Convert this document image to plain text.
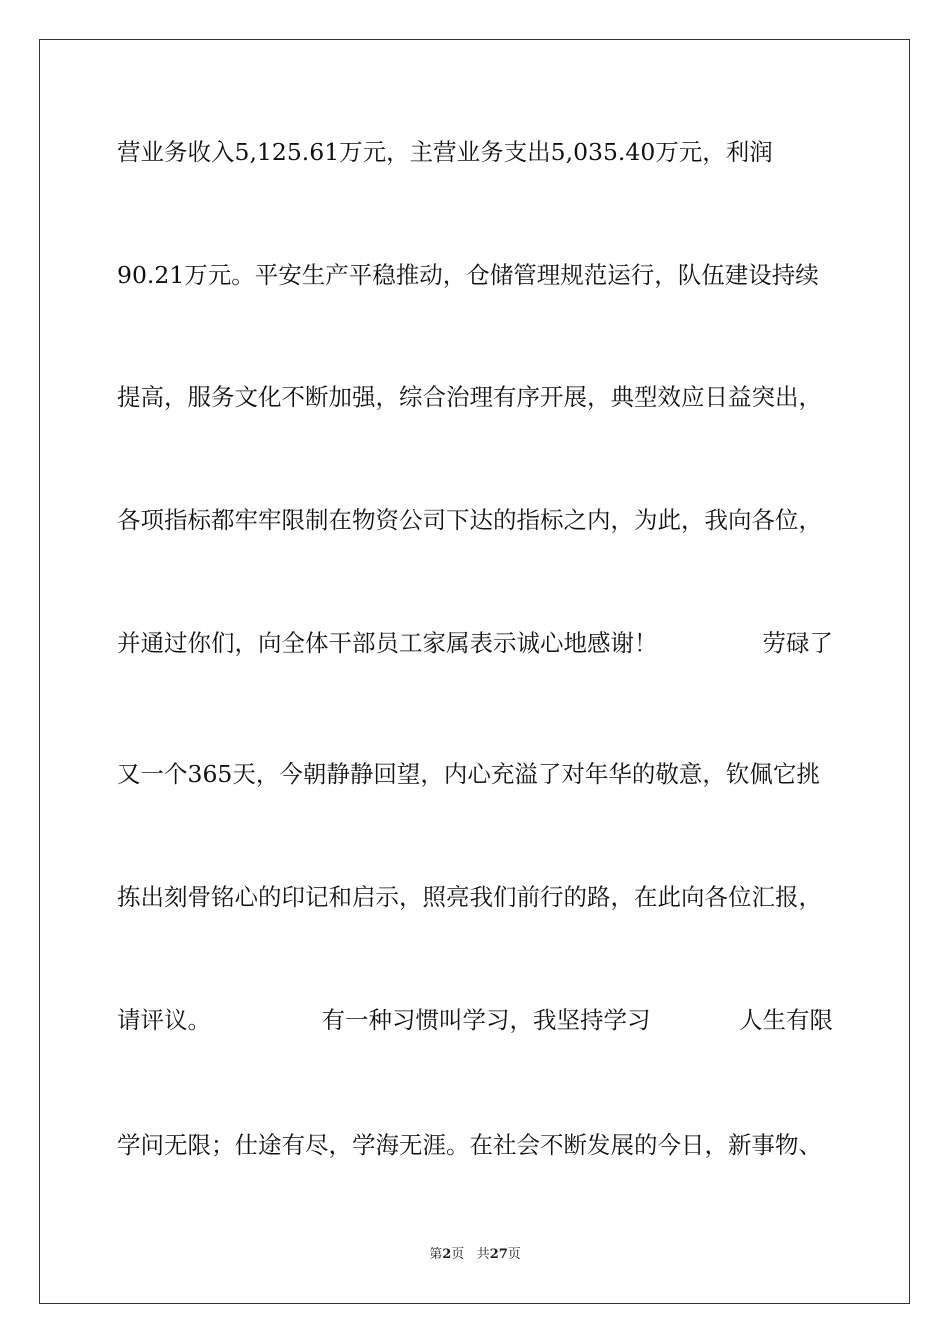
营业务收入5,125.61万元，主营业务支出5,035.40万元，利润
90.21万元。平安生产平稳推动，仓储管理规范运行，队伍建设持续
提高，服务文化不断加强，综合治理有序开展，典型效应日益突出，
各项指标都牢牢限制在物资公司下达的指标之内，为此，我向各位，
并通过你们，向全体干部员工家属表示诚心地感谢！	劳碌了
又一个365天，今朝静静回望，内心充溢了对年华的敬意，钦佩它挑
拣出刻骨铭心的印记和启示，照亮我们前行的路，在此向各位汇报，
请评议。	有一种习惯叫学习，我坚持学习	人生有限
学问无限；仕途有尽，学海无涯。在社会不断发展的今日，新事物、
第2页 共27页
